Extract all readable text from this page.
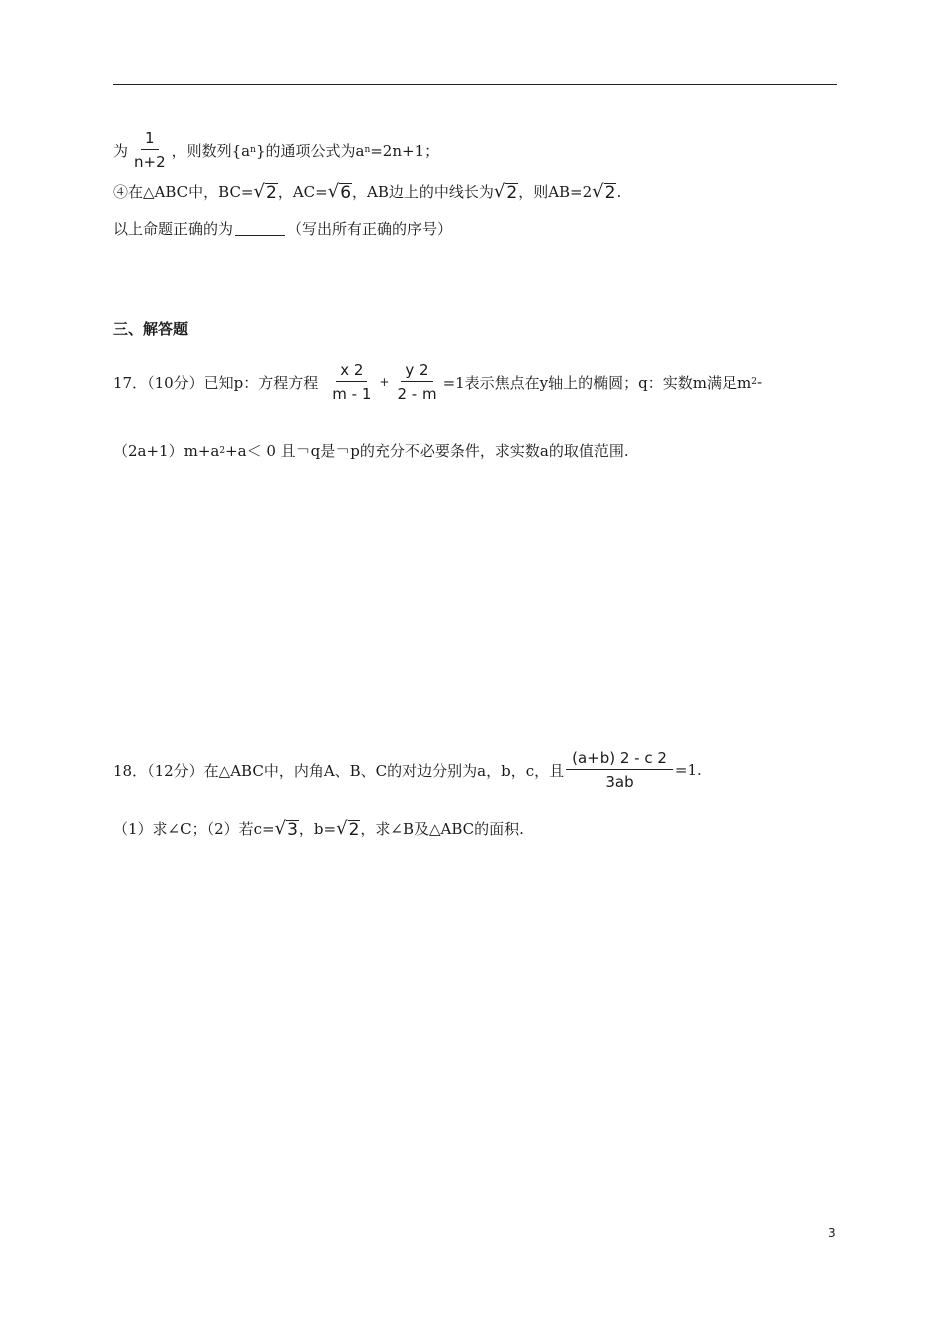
为 $\frac{1}{n+2}$ ，则数列{a n }的通项公式为a n =2n+1；
④在△ABC中，BC= √ 2 ，AC= √ 6 ，AB边上的中线长为 √ 2 ，则AB=2 √ 2 .
以上命题正确的为	（写出所有正确的序号）
三、解答题
17．（10分）已知p：方程方程 $\frac{x 2}{m - 1} + \frac{y 2}{2 - m} =1$表示焦点在y轴上的椭圆；q：实数m满足m 2 -
（2a+1）m+a 2 +a＜ 0 且￢q是￢p的充分不必要条件，求实数a的取值范围.
18．（12分）在△ABC中，内角A、B、C的对边分别为a，b，c，且 $\frac{(a+b) 2 - c 2}{3ab} =1$.
（1）求∠C；（2）若c= √ 3 ，b= √ 2 ，求∠B及△ABC的面积.
3
